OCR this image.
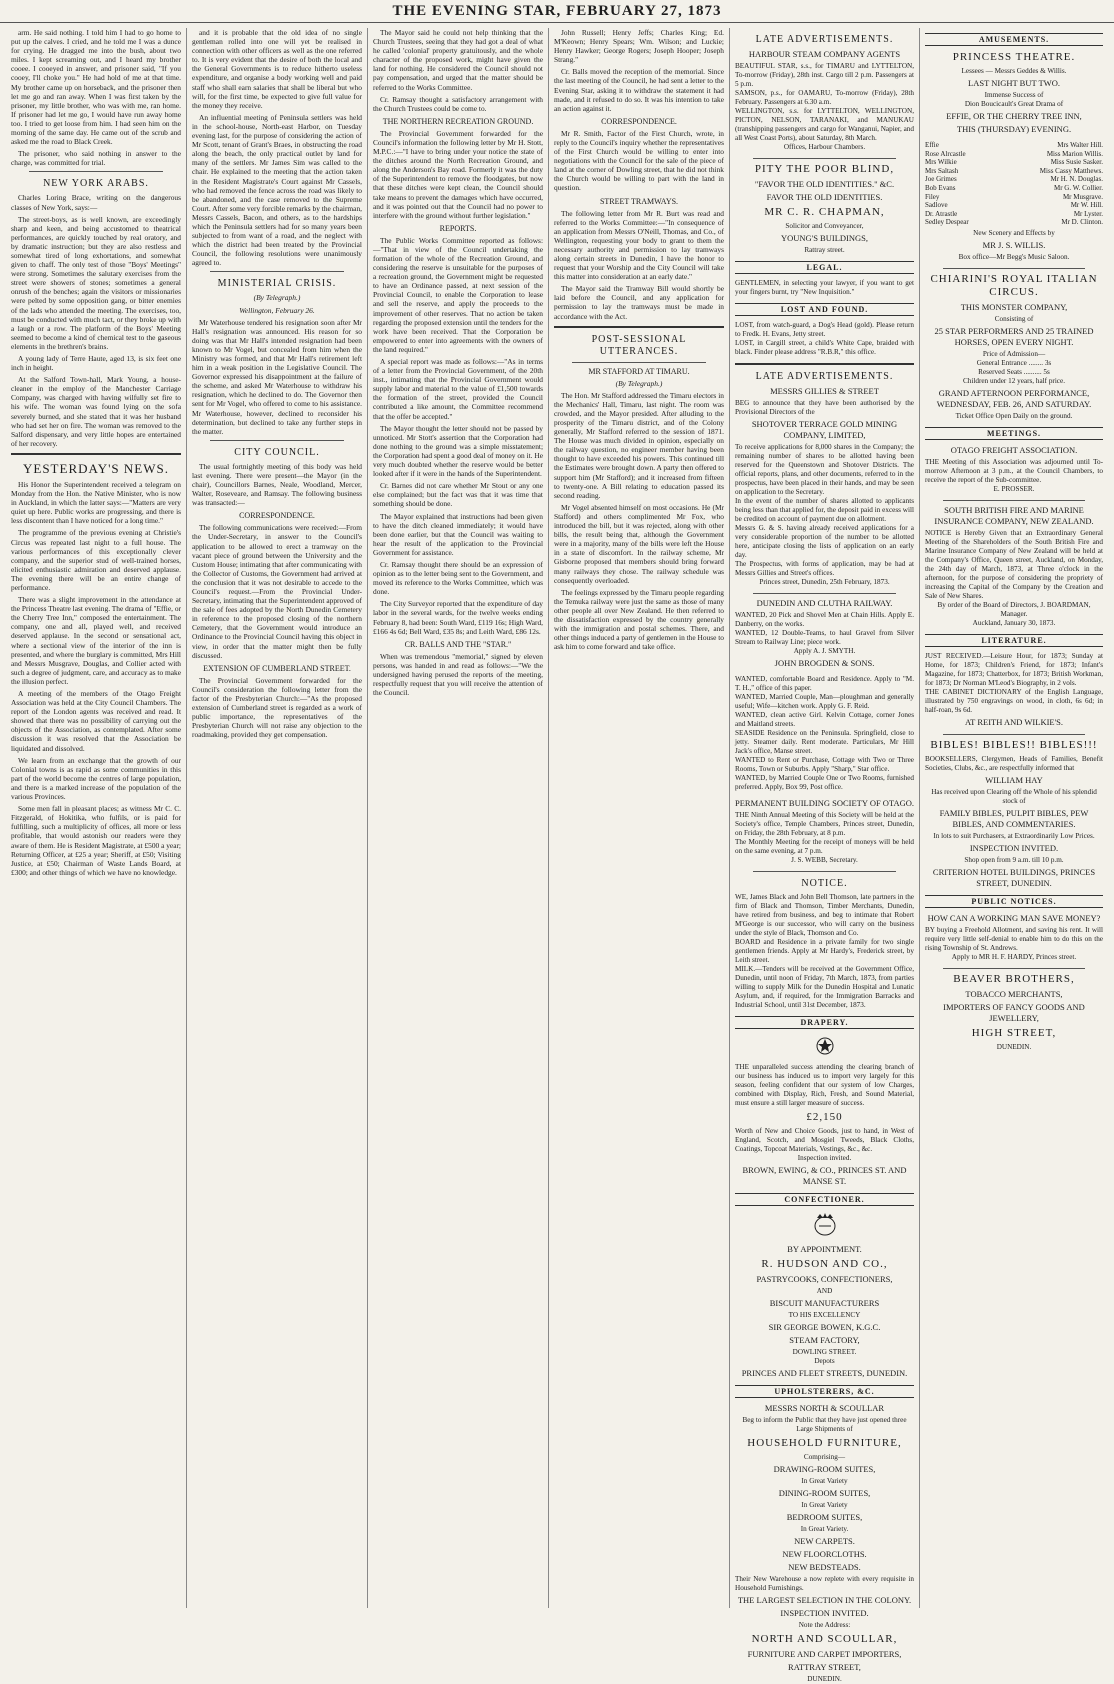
THE EVENING STAR, FEBRUARY 27, 1873

arm. He said nothing. I told him I had to go home to put up the calves. I cried, and he told me I was a dunce for crying. He dragged me into the bush, about two miles. I kept screaming out, and I heard my brother cooee. I cooeyed in answer, and prisoner said, "If you cooey, I'll choke you." He had hold of me at that time. My brother came up on horseback, and the prisoner then let me go and ran away. When I was first taken by the prisoner, my little brother, who was with me, ran home. If prisoner had let me go, I would have run away home too. I tried to get loose from him. I had seen him on the morning of the same day. He came out of the scrub and asked me the road to Black Creek.

The prisoner, who said nothing in answer to the charge, was committed for trial.

NEW YORK ARABS.

Charles Loring Brace, writing on the dangerous classes of New York, says:—

The street-boys, as is well known, are exceedingly sharp and keen, and being accustomed to theatrical performances, are quickly touched by real oratory, and by dramatic instruction; but they are also restless and somewhat tired of long exhortations, and somewhat given to chaff. The only test of those "Boys' Meetings" were strong. Sometimes the salutary exercises from the street were showers of stones; sometimes a general onrush of the benches; again the visitors or missionaries were pelted by some opposition gang, or bitter enemies of the lads who attended the meeting. The exercises, too, must be conducted with much tact, or they broke up with a laugh or a row. The platform of the Boys' Meeting seemed to become a kind of chemical test to the gaseous elements in the brethren's brains.

A young lady of Terre Haute, aged 13, is six feet one inch in height.

At the Salford Town-hall, Mark Young, a house-cleaner in the employ of the Manchester Carriage Company, was charged with having wilfully set fire to his wife. The woman was found lying on the sofa severely burned, and she stated that it was her husband who had set her on fire. The woman was removed to the Salford dispensary, and very little hopes are entertained of her recovery.

YESTERDAY'S NEWS.

His Honor the Superintendent received a telegram on Monday from the Hon. the Native Minister, who is now in Auckland, in which the latter says:—"Matters are very quiet up here. Public works are progressing, and there is less discontent than I have noticed for a long time."

The programme of the previous evening at Christie's Circus was repeated last night to a full house. The various performances of this exceptionally clever company, and the superior stud of well-trained horses, elicited enthusiastic admiration and deserved applause. The evening there will be an entire change of performance.

There was a slight improvement in the attendance at the Princess Theatre last evening. The drama of "Effie, or the Cherry Tree Inn," composed the entertainment. The company, one and all, played well, and received deserved applause. In the second or sensational act, where a sectional view of the interior of the inn is presented, and where the burglary is committed, Mrs Hill and Messrs Musgrave, Douglas, and Collier acted with such a degree of judgment, care, and accuracy as to make the illusion perfect.

A meeting of the members of the Otago Freight Association was held at the City Council Chambers. The report of the London agents was received and read. It showed that there was no possibility of carrying out the objects of the Association, as contemplated. After some discussion it was resolved that the Association be liquidated and dissolved.

We learn from an exchange that the growth of our Colonial towns is as rapid as some communities in this part of the world become the centres of large population, and there is a marked increase of the population of the various Provinces.

Some men fall in pleasant places; as witness Mr C. C. Fitzgerald, of Hokitika, who fulfils, or is paid for fulfilling, such a multiplicity of offices, all more or less profitable, that would astonish our readers were they aware of them. He is Resident Magistrate, at £500 a year; Returning Officer, at £25 a year; Sheriff, at £50; Visiting Justice, at £50; Chairman of Waste Lands Board, at £300; and other things of which we have no knowledge.

and it is probable that the old idea of no single gentleman rolled into one will yet be realised in connection with other officers as well as the one referred to. It is very evident that the desire of both the local and the General Governments is to reduce hitherto useless expenditure, and organise a body working well and paid staff who shall earn salaries that shall be liberal but who will, for the first time, be expected to give full value for the money they receive.

An influential meeting of Peninsula settlers was held in the school-house, North-east Harbor, on Tuesday evening last, for the purpose of considering the action of Mr Scott, tenant of Grant's Braes, in obstructing the road along the beach, the only practical outlet by land for many of the settlers. Mr James Sim was called to the chair. He explained to the meeting that the action taken in the Resident Magistrate's Court against Mr Cassels, who had removed the fence across the road was likely to be abandoned, and the case removed to the Supreme Court. After some very forcible remarks by the chairman, Messrs Cassels, Bacon, and others, as to the hardships which the Peninsula settlers had for so many years been subjected to from want of a road, and the neglect with which the district had been treated by the Provincial Council, the following resolutions were unanimously agreed to.

MINISTERIAL CRISIS.
(By Telegraph.)
Wellington, February 26.

Mr Waterhouse tendered his resignation soon after Mr Hall's resignation was announced. His reason for so doing was that Mr Hall's intended resignation had been known to Mr Vogel, but concealed from him when the Ministry was formed, and that Mr Hall's retirement left him in a weak position in the Legislative Council. The Governor expressed his disappointment at the failure of the scheme, and asked Mr Waterhouse to withdraw his resignation, which he declined to do. The Governor then sent for Mr Vogel, who offered to come to his assistance. Mr Waterhouse, however, declined to reconsider his determination, but declined to take any further steps in the matter.

CITY COUNCIL.

The usual fortnightly meeting of this body was held last evening. There were present—the Mayor (in the chair), Councillors Barnes, Neale, Woodland, Mercer, Walter, Roseveare, and Ramsay. The following business was transacted:—

CORRESPONDENCE.

The following communications were received:—From the Under-Secretary, in answer to the Council's application to be allowed to erect a tramway on the vacant piece of ground between the University and the Custom House; intimating that after communicating with the Collector of Customs, the Government had arrived at the conclusion that it was not desirable to accede to the Council's request.—From the Provincial Under-Secretary, intimating that the Superintendent approved of the sale of fees adopted by the North Dunedin Cemetery in reference to the proposed closing of the northern Cemetery, that the Government would introduce an Ordinance to the Provincial Council having this object in view, in order that the matter might then be fully discussed.

EXTENSION OF CUMBERLAND STREET.

The Provincial Government forwarded for the Council's consideration the following letter from the factor of the Presbyterian Church:—"As the proposed extension of Cumberland street is regarded as a work of public importance, the representatives of the Presbyterian Church will not raise any objection to the roadmaking, provided they get compensation.

The Mayor said he could not help thinking that the Church Trustees, seeing that they had got a deal of what he called 'colonial' property gratuitously, and the whole character of the proposed work, might have given the land for nothing. He considered the Council should not pay compensation, and urged that the matter should be referred to the Works Committee.

Cr. Ramsay thought a satisfactory arrangement with the Church Trustees could be come to.

THE NORTHERN RECREATION GROUND.

The Provincial Government forwarded for the Council's information the following letter by Mr H. Stott, M.P.C.:—"I have to bring under your notice the state of the ditches around the North Recreation Ground, and along the Anderson's Bay road. Formerly it was the duty of the Superintendent to remove the floodgates, but now that these ditches were kept clean, the Council should take means to prevent the damages which have occurred, and it was pointed out that the Council had no power to interfere with the ground without further legislation."

REPORTS.

The Public Works Committee reported as follows:—"That in view of the Council undertaking the formation of the whole of the Recreation Ground, and considering the reserve is unsuitable for the purposes of a recreation ground, the Government might be requested to have an Ordinance passed, at next session of the Provincial Council, to enable the Corporation to lease and sell the reserve, and apply the proceeds to the improvement of other reserves. That no action be taken regarding the proposed extension until the tenders for the work have been received. That the Corporation be empowered to enter into agreements with the owners of the land required."

A special report was made as follows:—"As in terms of a letter from the Provincial Government, of the 20th inst., intimating that the Provincial Government would supply labor and material to the value of £1,500 towards the formation of the street, provided the Council contributed a like amount, the Committee recommend that the offer be accepted."

The Mayor thought the letter should not be passed by unnoticed. Mr Stott's assertion that the Corporation had done nothing to the ground was a simple misstatement; the Corporation had spent a good deal of money on it. He very much doubted whether the reserve would be better looked after if it were in the hands of the Superintendent.

Cr. Barnes did not care whether Mr Stout or any one else complained; but the fact was that it was time that something should be done.

The Mayor explained that instructions had been given to have the ditch cleaned immediately; it would have been done earlier, but that the Council was waiting to hear the result of the application to the Provincial Government for assistance.

Cr. Ramsay thought there should be an expression of opinion as to the letter being sent to the Government, and moved its reference to the Works Committee, which was done.

The City Surveyor reported that the expenditure of day labor in the several wards, for the twelve weeks ending February 8, had been: South Ward, £119 16s; High Ward, £166 4s 6d; Bell Ward, £35 8s; and Leith Ward, £86 12s.

CR. BALLS AND THE "STAR."

When was tremendous "memorial," signed by eleven persons, was handed in and read as follows:—"We the undersigned having perused the reports of the meeting, respectfully request that you will receive the attention of the Council.

John Russell; Henry Jeffs; Charles King; Ed. M'Keown; Henry Spears; Wm. Wilson; and Luckie; Henry Hawker; George Rogers; Joseph Hooper; Joseph Strang."

Cr. Balls moved the reception of the memorial. Since the last meeting of the Council, he had sent a letter to the Evening Star, asking it to withdraw the statement it had made, and it refused to do so. It was his intention to take an action against it.

CORRESPONDENCE.

Mr R. Smith, Factor of the First Church, wrote, in reply to the Council's inquiry whether the representatives of the First Church would be willing to enter into negotiations with the Council for the sale of the piece of land at the corner of Dowling street, that he did not think the Church would be willing to part with the land in question.

STREET TRAMWAYS.

The following letter from Mr R. Burt was read and referred to the Works Committee:—"In consequence of an application from Messrs O'Neill, Thomas, and Co., of Wellington, requesting your body to grant to them the necessary authority and permission to lay tramways along certain streets in Dunedin, I have the honor to request that your Worship and the City Council will take this matter into consideration at an early date."

The Mayor said the Tramway Bill would shortly be laid before the Council, and any application for permission to lay the tramways must be made in accordance with the Act.

POST-SESSIONAL UTTERANCES.
MR STAFFORD AT TIMARU.
(By Telegraph.)

The Hon. Mr Stafford addressed the Timaru electors in the Mechanics' Hall, Timaru, last night. The room was crowded, and the Mayor presided. After alluding to the prosperity of the Timaru district, and of the Colony generally, Mr Stafford referred to the session of 1871. The House was much divided in opinion, especially on the railway question, no engineer member having been thought to have exceeded his powers. This continued till the Estimates were brought down. A party then offered to support him (Mr Stafford); and it increased from fifteen to twenty-one. A Bill relating to education passed its second reading.

Mr Vogel absented himself on most occasions. He (Mr Stafford) and others complimented Mr Fox, who introduced the bill, but it was rejected, along with other bills, the result being that, although the Government were in a majority, many of the bills were left the House in a state of discomfort. In the railway scheme, Mr Gisborne proposed that members should bring forward many railways they chose. The railway schedule was consequently overloaded.

The feelings expressed by the Timaru people regarding the Temuka railway were just the same as those of many other people all over New Zealand. He then referred to the dissatisfaction expressed by the country generally with the immigration and postal schemes. There, and other things induced a party of gentlemen in the House to ask him to come forward and take office.

LATE ADVERTISEMENTS.
HARBOUR STEAM COMPANY AGENTS
BEAUTIFUL STAR, s.s., for TIMARU and LYTTELTON, To-morrow (Friday), 28th inst. Cargo till 2 p.m. Passengers at 5 p.m.
SAMSON, p.s., for OAMARU, To-morrow (Friday), 28th February. Passengers at 6.30 a.m.
WELLINGTON, s.s. for LYTTELTON, WELLINGTON, PICTON, NELSON, TARANAKI, and MANUKAU (transhipping passengers and cargo for Wanganui, Napier, and all West Coast Ports), about Saturday, 8th March.
Offices, Harbour Chambers.
PITY THE POOR BLIND,
"FAVOR THE OLD IDENTITIES." &C.
FAVOR THE OLD IDENTITIES.
MR C. R. CHAPMAN,
Solicitor and Conveyancer,
YOUNG'S BUILDINGS,
Rattray street.
LEGAL.
GENTLEMEN, in selecting your lawyer, if you want to get your fingers burnt, try "New Inquisition."
LOST AND FOUND.
LOST, from watch-guard, a Dog's Head (gold). Please return to Fredk. H. Evans, Jetty street.
LOST, in Cargill street, a child's White Cape, braided with black. Finder please address "R.B.R," this office.
LATE ADVERTISEMENTS.
MESSRS GILLIES & STREET
BEG to announce that they have been authorised by the Provisional Directors of the
SHOTOVER TERRACE GOLD MINING COMPANY, LIMITED,
To receive applications for 8,000 shares in the Company; the remaining number of shares to be allotted having been reserved for the Queenstown and Shotover Districts. The official reports, plans, and other documents, referred to in the prospectus, have been placed in their hands, and may be seen on application to the Secretary.
In the event of the number of shares allotted to applicants being less than that applied for, the deposit paid in excess will be credited on account of payment due on allotment.
Messrs G. & S. having already received applications for a very considerable proportion of the number to be allotted here, anticipate closing the lists of application on an early day.
The Prospectus, with forms of application, may be had at Messrs Gillies and Street's offices.
Princes street, Dunedin, 25th February, 1873.
DUNEDIN AND CLUTHA RAILWAY.
WANTED, 20 Pick and Shovel Men at Chain Hills. Apply E. Danberry, on the works.
WANTED, 12 Double-Teams, to haul Gravel from Silver Stream to Railway Line; piece work.
Apply A. J. SMYTH.
JOHN BROGDEN & SONS.
WANTED, comfortable Board and Residence. Apply to "M. T. H.," office of this paper.
WANTED, Married Couple, Man—ploughman and generally useful; Wife—kitchen work. Apply G. F. Reid.
WANTED, clean active Girl. Kelvin Cottage, corner Jones and Maitland streets.
SEASIDE Residence on the Peninsula. Springfield, close to jetty. Steamer daily. Rent moderate. Particulars, Mr Hill Jack's office, Manse street.
WANTED to Rent or Purchase, Cottage with Two or Three Rooms, Town or Suburbs. Apply "Sharp," Star office.
WANTED, by Married Couple One or Two Rooms, furnished preferred. Apply, Box 99, Post office.
PERMANENT BUILDING SOCIETY OF OTAGO.
THE Ninth Annual Meeting of this Society will be held at the Society's office, Temple Chambers, Princes street, Dunedin, on Friday, the 28th February, at 8 p.m.
The Monthly Meeting for the receipt of moneys will be held on the same evening, at 7 p.m.
J. S. WEBB, Secretary.
NOTICE.
WE, James Black and John Bell Thomson, late partners in the firm of Black and Thomson, Timber Merchants, Dunedin, have retired from business, and beg to intimate that Robert M'George is our successor, who will carry on the business under the style of Black, Thomson and Co.
BOARD and Residence in a private family for two single gentlemen friends. Apply at Mr Hardy's, Frederick street, by Leith street.
MILK.—Tenders will be received at the Government Office, Dunedin, until noon of Friday, 7th March, 1873, from parties willing to supply Milk for the Dunedin Hospital and Lunatic Asylum, and, if required, for the Immigration Barracks and Industrial School, until 31st December, 1873.
DRAPERY.
THE unparalleled success attending the clearing branch of our business has induced us to import very largely for this season, feeling confident that our system of low Charges, combined with Display, Rich, Fresh, and Sound Material, must ensure a still larger measure of success.
£2,150
Worth of New and Choice Goods, just to hand, in West of England, Scotch, and Mosgiel Tweeds, Black Cloths, Coatings, Topcoat Materials, Vestings, &c., &c.
Inspection invited.
BROWN, EWING, & CO., PRINCES ST. AND MANSE ST.
CONFECTIONER.
BY APPOINTMENT.
R. HUDSON AND CO.,
PASTRYCOOKS, CONFECTIONERS,
AND
BISCUIT MANUFACTURERS
TO HIS EXCELLENCY
SIR GEORGE BOWEN, K.G.C.
STEAM FACTORY,
DOWLING STREET.
Depots
PRINCES AND FLEET STREETS, DUNEDIN.
UPHOLSTERERS, &C.
MESSRS NORTH & SCOULLAR
Beg to inform the Public that they have just opened three Large Shipments of
HOUSEHOLD FURNITURE,
Comprising—
DRAWING-ROOM SUITES,
In Great Variety
DINING-ROOM SUITES,
In Great Variety
BEDROOM SUITES,
In Great Variety.
NEW CARPETS.
NEW FLOORCLOTHS.
NEW BEDSTEADS.
Their New Warehouse a now replete with every requisite in Household Furnishings.
THE LARGEST SELECTION IN THE COLONY.
INSPECTION INVITED.
Note the Address:
NORTH AND SCOULLAR,
FURNITURE AND CARPET IMPORTERS,
RATTRAY STREET,
DUNEDIN.
AMUSEMENTS.
PRINCESS THEATRE.
Lessees — Messrs Geddes & Willis.
LAST NIGHT BUT TWO.
Immense Success of
Dion Boucicault's Great Drama of
EFFIE, OR THE CHERRY TREE INN,
THIS (THURSDAY) EVENING.
Effie	Mrs Walter Hill.
Rose Alrcastle	Miss Marion Willis.
Mrs Wilkie	Miss Susie Sasker.
Mrs Saltash	Miss Cassy Matthews.
Joe Grimes	Mr H. N. Douglas.
Bob Evans	Mr G. W. Collier.
Filey	Mr Musgrave.
Sadlove	Mr W. Hill.
Dr. Atrastle	Mr Lyster.
Sedley Despear	Mr D. Clinton.
New Scenery and Effects by
MR J. S. WILLIS.
Box office—Mr Begg's Music Saloon.
CHIARINI'S ROYAL ITALIAN CIRCUS.
THIS MONSTER COMPANY,
Consisting of
25 STAR PERFORMERS AND 25 TRAINED HORSES, OPEN EVERY NIGHT.
Price of Admission—
General Entrance ........ 3s
Reserved Seats .......... 5s
Children under 12 years, half price.
GRAND AFTERNOON PERFORMANCE, WEDNESDAY, FEB. 26, AND SATURDAY.
Ticket Office Open Daily on the ground.
MEETINGS.
OTAGO FREIGHT ASSOCIATION.
THE Meeting of this Association was adjourned until To-morrow Afternoon at 3 p.m., at the Council Chambers, to receive the report of the Sub-committee.
E. PROSSER.
SOUTH BRITISH FIRE AND MARINE INSURANCE COMPANY, NEW ZEALAND.
NOTICE is Hereby Given that an Extraordinary General Meeting of the Shareholders of the South British Fire and Marine Insurance Company of New Zealand will be held at the Company's Office, Queen street, Auckland, on Monday, the 24th day of March, 1873, at Three o'clock in the afternoon, for the purpose of considering the propriety of increasing the Capital of the Company by the Creation and Sale of New Shares.
By order of the Board of Directors, J. BOARDMAN, Manager.
Auckland, January 30, 1873.
LITERATURE.
JUST RECEIVED.—Leisure Hour, for 1873; Sunday at Home, for 1873; Children's Friend, for 1873; Infant's Magazine, for 1873; Chatterbox, for 1873; British Workman, for 1873; Dr Norman M'Leod's Biography, in 2 vols.
THE CABINET DICTIONARY of the English Language, illustrated by 750 engravings on wood, in cloth, 6s 6d; in half-roan, 9s 6d.
AT REITH AND WILKIE'S.
BIBLES! BIBLES!! BIBLES!!!
BOOKSELLERS, Clergymen, Heads of Families, Benefit Societies, Clubs, &c., are respectfully informed that
WILLIAM HAY
Has received upon Clearing off the Whole of his splendid stock of
FAMILY BIBLES, PULPIT BIBLES, PEW BIBLES, AND COMMENTARIES.
In lots to suit Purchasers, at Extraordinarily Low Prices.
INSPECTION INVITED.
Shop open from 9 a.m. till 10 p.m.
CRITERION HOTEL BUILDINGS, PRINCES STREET, DUNEDIN.
PUBLIC NOTICES.
HOW CAN A WORKING MAN SAVE MONEY?
BY buying a Freehold Allotment, and saving his rent. It will require very little self-denial to enable him to do this on the rising Township of St. Andrews.
Apply to MR H. F. HARDY, Princes street.
BEAVER BROTHERS,
TOBACCO MERCHANTS,
IMPORTERS OF FANCY GOODS AND JEWELLERY,
HIGH STREET,
DUNEDIN.
